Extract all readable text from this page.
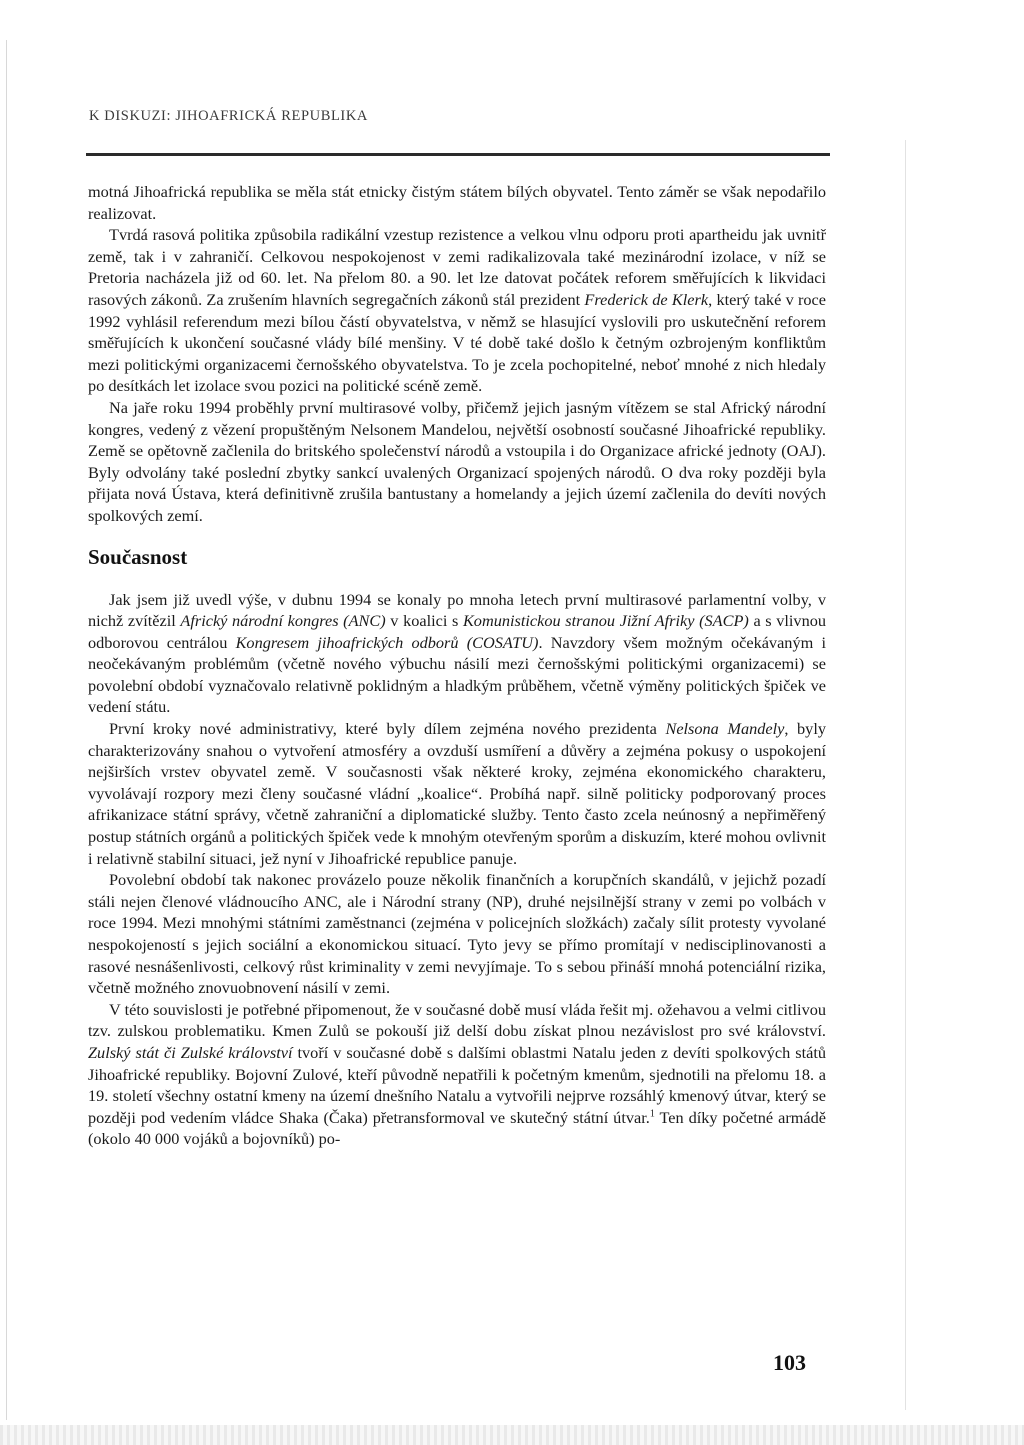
K DISKUZI: JIHOAFRICKÁ REPUBLIKA

motná Jihoafrická republika se měla stát etnicky čistým státem bílých obyvatel. Tento záměr se však nepodařilo realizovat.

Tvrdá rasová politika způsobila radikální vzestup rezistence a velkou vlnu odporu proti apartheidu jak uvnitř země, tak i v zahraničí. Celkovou nespokojenost v zemi radikalizovala také mezinárodní izolace, v níž se Pretoria nacházela již od 60. let. Na přelom 80. a 90. let lze datovat počátek reforem směřujících k likvidaci rasových zákonů. Za zrušením hlavních segregačních zákonů stál prezident Frederick de Klerk, který také v roce 1992 vyhlásil referendum mezi bílou částí obyvatelstva, v němž se hlasující vyslovili pro uskutečnění reforem směřujících k ukončení současné vlády bílé menšiny. V té době také došlo k četným ozbrojeným konfliktům mezi politickými organizacemi černošského obyvatelstva. To je zcela pochopitelné, neboť mnohé z nich hledaly po desítkách let izolace svou pozici na politické scéně země.

Na jaře roku 1994 proběhly první multirasové volby, přičemž jejich jasným vítězem se stal Africký národní kongres, vedený z vězení propuštěným Nelsonem Mandelou, největší osobností současné Jihoafrické republiky. Země se opětovně začlenila do britského společenství národů a vstoupila i do Organizace africké jednoty (OAJ). Byly odvolány také poslední zbytky sankcí uvalených Organizací spojených národů. O dva roky později byla přijata nová Ústava, která definitivně zrušila bantustany a homelandy a jejich území začlenila do devíti nových spolkových zemí.

Současnost

Jak jsem již uvedl výše, v dubnu 1994 se konaly po mnoha letech první multirasové parlamentní volby, v nichž zvítězil Africký národní kongres (ANC) v koalici s Komunistickou stranou Jižní Afriky (SACP) a s vlivnou odborovou centrálou Kongresem jihoafrických odborů (COSATU). Navzdory všem možným očekávaným i neočekávaným problémům (včetně nového výbuchu násilí mezi černošskými politickými organizacemi) se povolební období vyznačovalo relativně poklidným a hladkým průběhem, včetně výměny politických špiček ve vedení státu.

První kroky nové administrativy, které byly dílem zejména nového prezidenta Nelsona Mandely, byly charakterizovány snahou o vytvoření atmosféry a ovzduší usmíření a důvěry a zejména pokusy o uspokojení nejširších vrstev obyvatel země. V současnosti však některé kroky, zejména ekonomického charakteru, vyvolávají rozpory mezi členy současné vládní „koalice“. Probíhá např. silně politicky podporovaný proces afrikanizace státní správy, včetně zahraniční a diplomatické služby. Tento často zcela neúnosný a nepřiměřený postup státních orgánů a politických špiček vede k mnohým otevřeným sporům a diskuzím, které mohou ovlivnit i relativně stabilní situaci, jež nyní v Jihoafrické republice panuje.

Povolební období tak nakonec provázelo pouze několik finančních a korupčních skandálů, v jejichž pozadí stáli nejen členové vládnoucího ANC, ale i Národní strany (NP), druhé nejsilnější strany v zemi po volbách v roce 1994. Mezi mnohými státními zaměstnanci (zejména v policejních složkách) začaly sílit protesty vyvolané nespokojeností s jejich sociální a ekonomickou situací. Tyto jevy se přímo promítají v nedisciplinovanosti a rasové nesnášenlivosti, celkový růst kriminality v zemi nevyjímaje. To s sebou přináší mnohá potenciální rizika, včetně možného znovuobnovení násilí v zemi.

V této souvislosti je potřebné připomenout, že v současné době musí vláda řešit mj. ožehavou a velmi citlivou tzv. zulskou problematiku. Kmen Zulů se pokouší již delší dobu získat plnou nezávislost pro své království. Zulský stát či Zulské království tvoří v současné době s dalšími oblastmi Natalu jeden z devíti spolkových států Jihoafrické republiky. Bojovní Zulové, kteří původně nepatřili k početným kmenům, sjednotili na přelomu 18. a 19. století všechny ostatní kmeny na území dnešního Natalu a vytvořili nejprve rozsáhlý kmenový útvar, který se později pod vedením vládce Shaka (Čaka) přetransformoval ve skutečný státní útvar.$^1$ Ten díky početné armádě (okolo 40 000 vojáků a bojovníků) po-

103
